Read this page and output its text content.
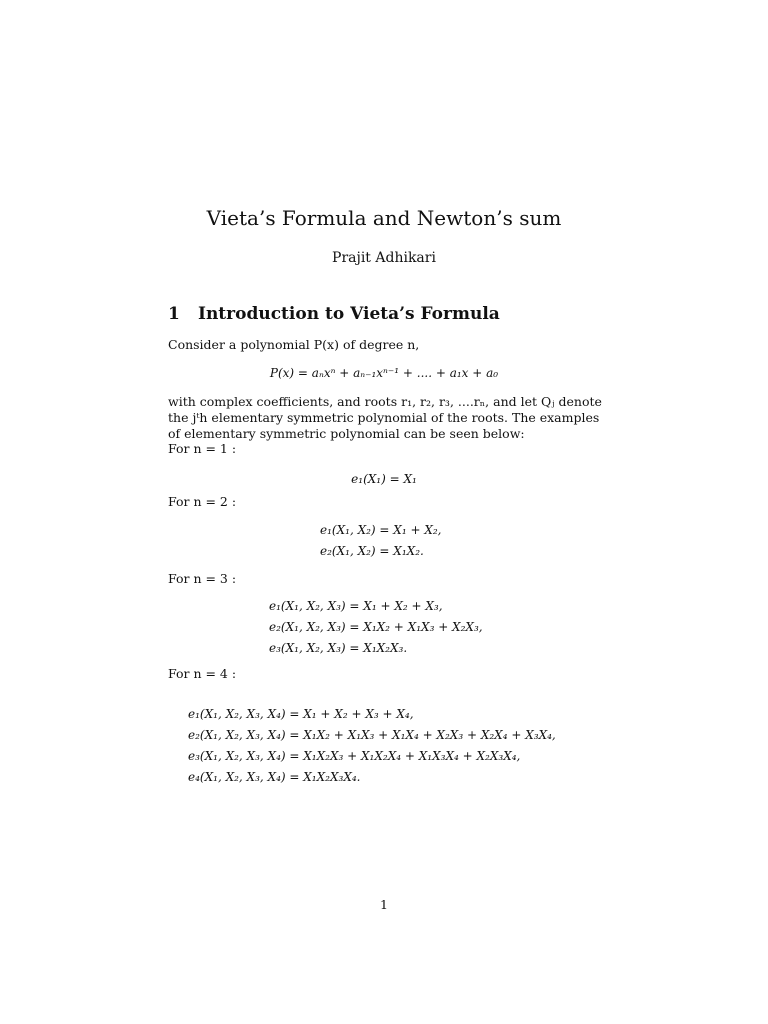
Vieta’s Formula and Newton’s sum
Prajit Adhikari
1 Introduction to Vieta’s Formula
Consider a polynomial P(x) of degree n,
P(x) = aₙxⁿ + aₙ₋₁xⁿ⁻¹ + .... + a₁x + a₀
with complex coefficients, and roots r₁, r₂, r₃, ....rₙ, and let Qⱼ denote the jᵗh elementary symmetric polynomial of the roots. The examples of elementary symmetric polynomial can be seen below:
For n = 1 :
e₁(X₁) = X₁
For n = 2 :
e₁(X₁, X₂) = X₁ + X₂,
e₂(X₁, X₂) = X₁X₂.
For n = 3 :
e₁(X₁, X₂, X₃) = X₁ + X₂ + X₃,
e₂(X₁, X₂, X₃) = X₁X₂ + X₁X₃ + X₂X₃,
e₃(X₁, X₂, X₃) = X₁X₂X₃.
For n = 4 :
e₁(X₁, X₂, X₃, X₄) = X₁ + X₂ + X₃ + X₄,
e₂(X₁, X₂, X₃, X₄) = X₁X₂ + X₁X₃ + X₁X₄ + X₂X₃ + X₂X₄ + X₃X₄,
e₃(X₁, X₂, X₃, X₄) = X₁X₂X₃ + X₁X₂X₄ + X₁X₃X₄ + X₂X₃X₄,
e₄(X₁, X₂, X₃, X₄) = X₁X₂X₃X₄.
1
